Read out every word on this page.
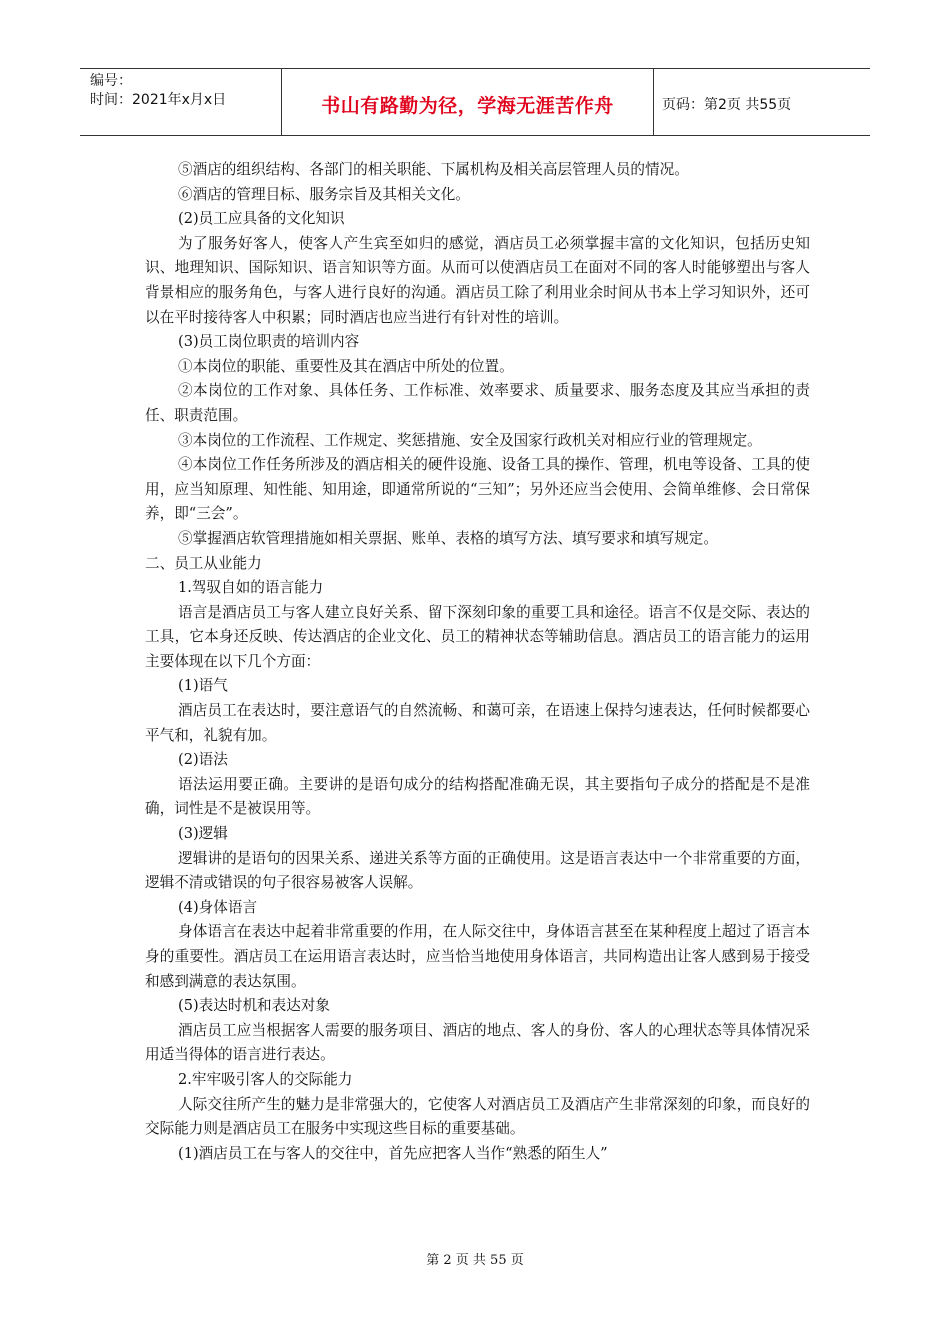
编号：
时间：2021年x月x日	书山有路勤为径，学海无涯苦作舟	页码：第2页 共55页

⑤酒店的组织结构、各部门的相关职能、下属机构及相关高层管理人员的情况。

⑥酒店的管理目标、服务宗旨及其相关文化。

(2)员工应具备的文化知识

为了服务好客人，使客人产生宾至如归的感觉，酒店员工必须掌握丰富的文化知识，包括历史知识、地理知识、国际知识、语言知识等方面。从而可以使酒店员工在面对不同的客人时能够塑出与客人背景相应的服务角色，与客人进行良好的沟通。酒店员工除了利用业余时间从书本上学习知识外，还可以在平时接待客人中积累；同时酒店也应当进行有针对性的培训。

(3)员工岗位职责的培训内容

①本岗位的职能、重要性及其在酒店中所处的位置。

②本岗位的工作对象、具体任务、工作标准、效率要求、质量要求、服务态度及其应当承担的责任、职责范围。

③本岗位的工作流程、工作规定、奖惩措施、安全及国家行政机关对相应行业的管理规定。

④本岗位工作任务所涉及的酒店相关的硬件设施、设备工具的操作、管理，机电等设备、工具的使用，应当知原理、知性能、知用途，即通常所说的“三知”；另外还应当会使用、会简单维修、会日常保养，即“三会”。

⑤掌握酒店软管理措施如相关票据、账单、表格的填写方法、填写要求和填写规定。

二、员工从业能力

1.驾驭自如的语言能力

语言是酒店员工与客人建立良好关系、留下深刻印象的重要工具和途径。语言不仅是交际、表达的工具，它本身还反映、传达酒店的企业文化、员工的精神状态等辅助信息。酒店员工的语言能力的运用主要体现在以下几个方面：

(1)语气

酒店员工在表达时，要注意语气的自然流畅、和蔼可亲，在语速上保持匀速表达，任何时候都要心平气和，礼貌有加。

(2)语法

语法运用要正确。主要讲的是语句成分的结构搭配准确无误，其主要指句子成分的搭配是不是准确，词性是不是被误用等。

(3)逻辑

逻辑讲的是语句的因果关系、递进关系等方面的正确使用。这是语言表达中一个非常重要的方面，逻辑不清或错误的句子很容易被客人误解。

(4)身体语言

身体语言在表达中起着非常重要的作用，在人际交往中，身体语言甚至在某种程度上超过了语言本身的重要性。酒店员工在运用语言表达时，应当恰当地使用身体语言，共同构造出让客人感到易于接受和感到满意的表达氛围。

(5)表达时机和表达对象

酒店员工应当根据客人需要的服务项目、酒店的地点、客人的身份、客人的心理状态等具体情况采用适当得体的语言进行表达。

2.牢牢吸引客人的交际能力

人际交往所产生的魅力是非常强大的，它使客人对酒店员工及酒店产生非常深刻的印象，而良好的交际能力则是酒店员工在服务中实现这些目标的重要基础。

(1)酒店员工在与客人的交往中，首先应把客人当作“熟悉的陌生人”

第 2 页 共 55 页
